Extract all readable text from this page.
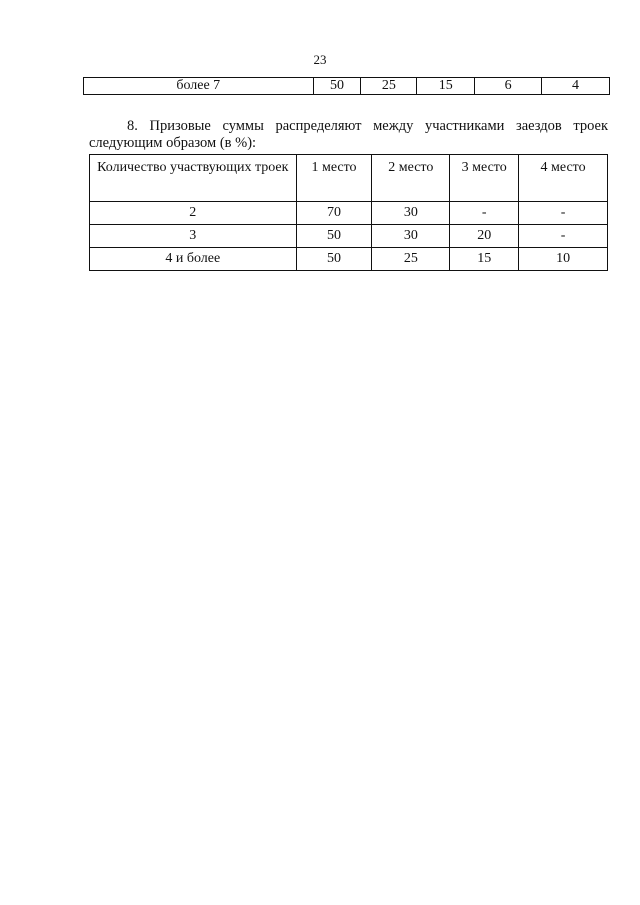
23
более 7	50	25	15	6	4
8. Призовые суммы распределяют между участниками заездов троек следующим образом (в %):
Количество участвующих троек	1 место	2 место	3 место	4 место
2	70	30	-	-
3	50	30	20	-
4 и более	50	25	15	10
